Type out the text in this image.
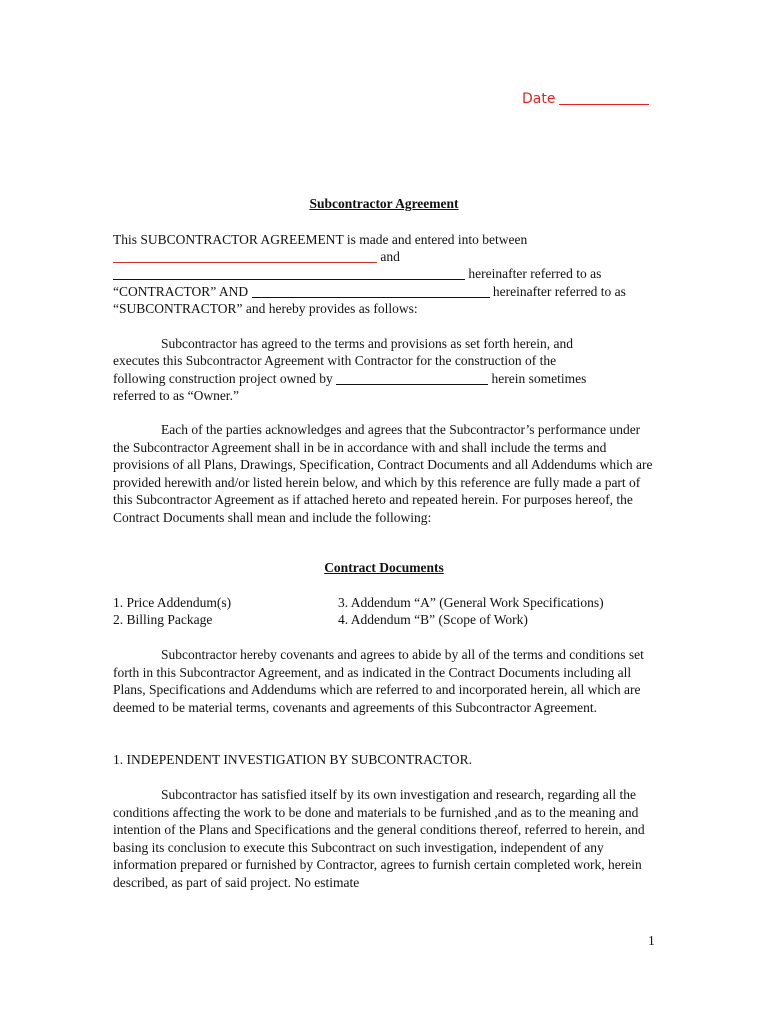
Date
Subcontractor Agreement
This SUBCONTRACTOR AGREEMENT is made and entered into between
and
hereinafter referred to as
“CONTRACTOR” AND	hereinafter referred to as
“SUBCONTRACTOR” and hereby provides as follows:
Subcontractor has agreed to the terms and provisions as set forth herein, and
executes this Subcontractor Agreement with Contractor for the construction of the
following construction project owned by	herein sometimes
referred to as “Owner.”
Each of the parties acknowledges and agrees that the Subcontractor’s performance under the Subcontractor Agreement shall in be in accordance with and shall include the terms and provisions of all Plans, Drawings, Specification, Contract Documents and all Addendums which are provided herewith and/or listed herein below, and which by this reference are fully made a part of this Subcontractor Agreement as if attached hereto and repeated herein. For purposes hereof, the Contract Documents shall mean and include the following:
Contract Documents
1. Price Addendum(s)
2. Billing Package
3. Addendum “A” (General Work Specifications)
4. Addendum “B” (Scope of Work)
Subcontractor hereby covenants and agrees to abide by all of the terms and conditions set forth in this Subcontractor Agreement, and as indicated in the Contract Documents including all Plans, Specifications and Addendums which are referred to and incorporated herein, all which are deemed to be material terms, covenants and agreements of this Subcontractor Agreement.
1. INDEPENDENT INVESTIGATION BY SUBCONTRACTOR.
Subcontractor has satisfied itself by its own investigation and research, regarding all the conditions affecting the work to be done and materials to be furnished ,and as to the meaning and intention of the Plans and Specifications and the general conditions thereof, referred to herein, and basing its conclusion to execute this Subcontract on such investigation, independent of any information prepared or furnished by Contractor, agrees to furnish certain completed work, herein described, as part of said project. No estimate
1
